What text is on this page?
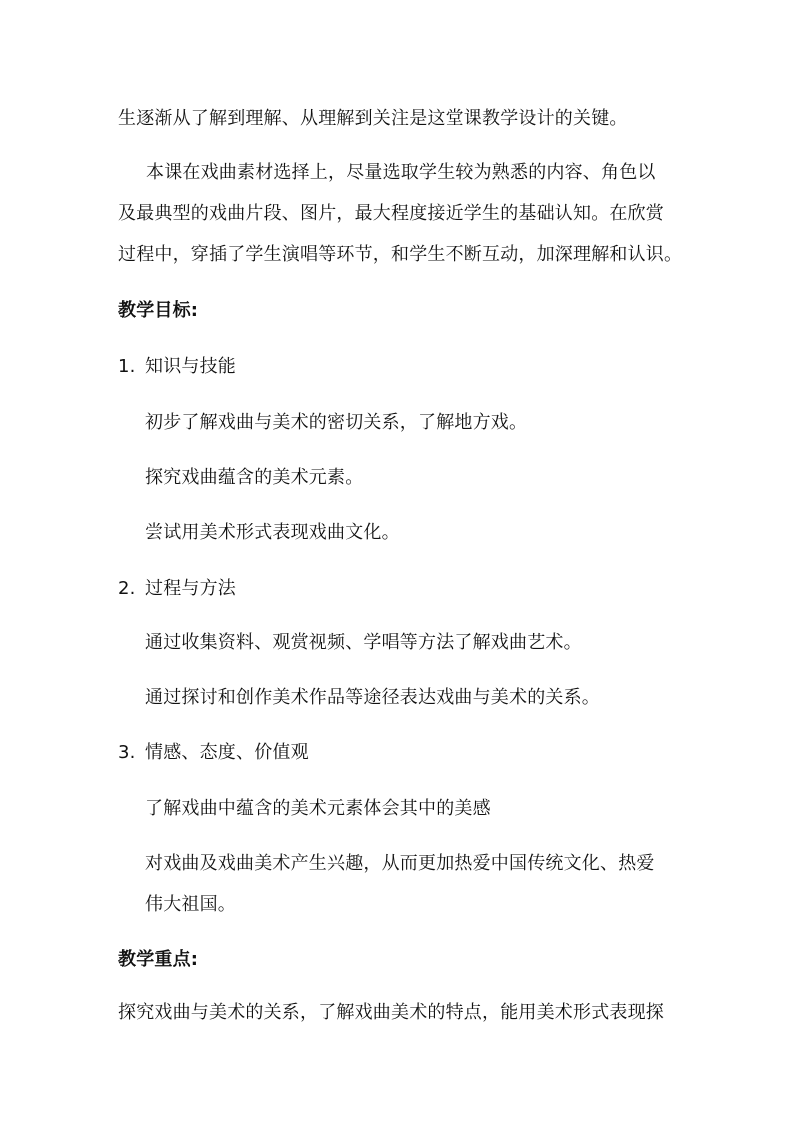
生逐渐从了解到理解、从理解到关注是这堂课教学设计的关键。
本课在戏曲素材选择上，尽量选取学生较为熟悉的内容、角色以
及最典型的戏曲片段、图片，最大程度接近学生的基础认知。在欣赏
过程中，穿插了学生演唱等环节，和学生不断互动，加深理解和认识。
教学目标:
1. 知识与技能
初步了解戏曲与美术的密切关系，了解地方戏。
探究戏曲蕴含的美术元素。
尝试用美术形式表现戏曲文化。
2. 过程与方法
通过收集资料、观赏视频、学唱等方法了解戏曲艺术。
通过探讨和创作美术作品等途径表达戏曲与美术的关系。
3. 情感、态度、价值观
了解戏曲中蕴含的美术元素体会其中的美感
对戏曲及戏曲美术产生兴趣，从而更加热爱中国传统文化、热爱
伟大祖国。
教学重点:
探究戏曲与美术的关系，了解戏曲美术的特点，能用美术形式表现探
